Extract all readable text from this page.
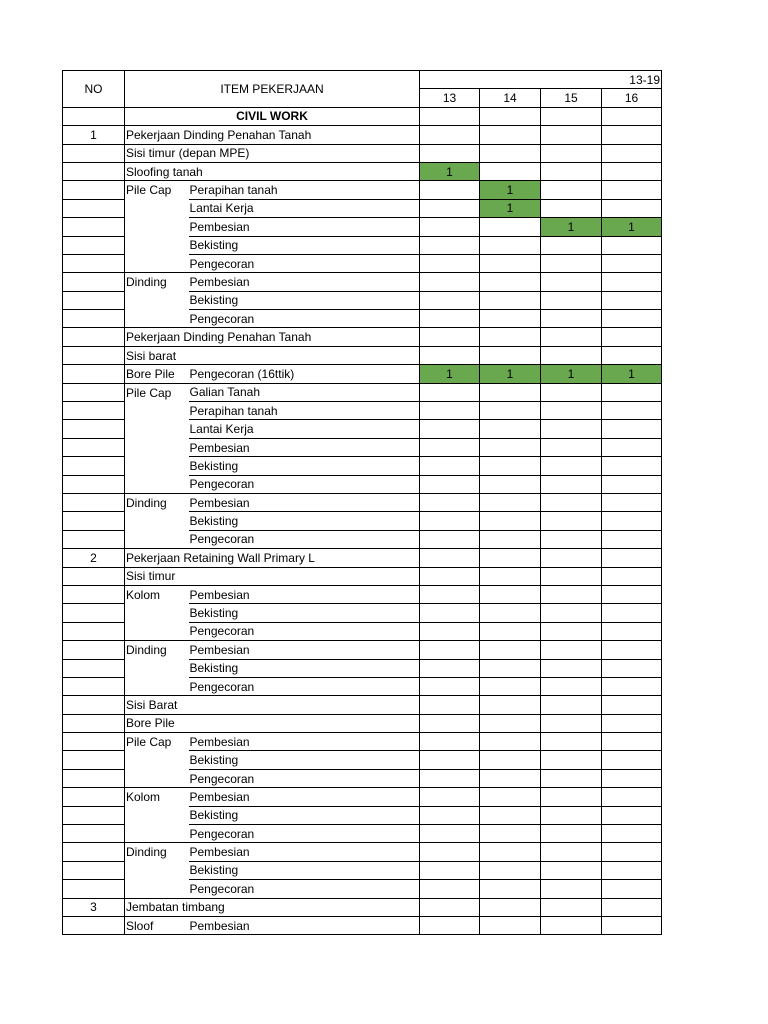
NO	ITEM PEKERJAAN		13-19			
			13	14	15	16
	CIVIL WORK					
1	Pekerjaan Dinding Penahan Tanah					
	Sisi timur (depan MPE)					
	Sloofing tanah		1			
	Pile Cap	Perapihan tanah		1		
		Lantai Kerja		1		
		Pembesian			1	1
		Bekisting				
		Pengecoran				
	Dinding	Pembesian				
		Bekisting				
		Pengecoran				
	Pekerjaan Dinding Penahan Tanah					
	Sisi barat					
	Bore Pile	Pengecoran (16ttik)	1	1	1	1
	Pile Cap	Galian Tanah				
		Perapihan tanah				
		Lantai Kerja				
		Pembesian				
		Bekisting				
		Pengecoran				
	Dinding	Pembesian				
		Bekisting				
		Pengecoran				
2	Pekerjaan Retaining Wall Primary L					
	Sisi timur					
	Kolom	Pembesian				
		Bekisting				
		Pengecoran				
	Dinding	Pembesian				
		Bekisting				
		Pengecoran				
	Sisi Barat					
	Bore Pile					
	Pile Cap	Pembesian				
		Bekisting				
		Pengecoran				
	Kolom	Pembesian				
		Bekisting				
		Pengecoran				
	Dinding	Pembesian				
		Bekisting				
		Pengecoran				
3	Jembatan timbang					
	Sloof	Pembesian				
